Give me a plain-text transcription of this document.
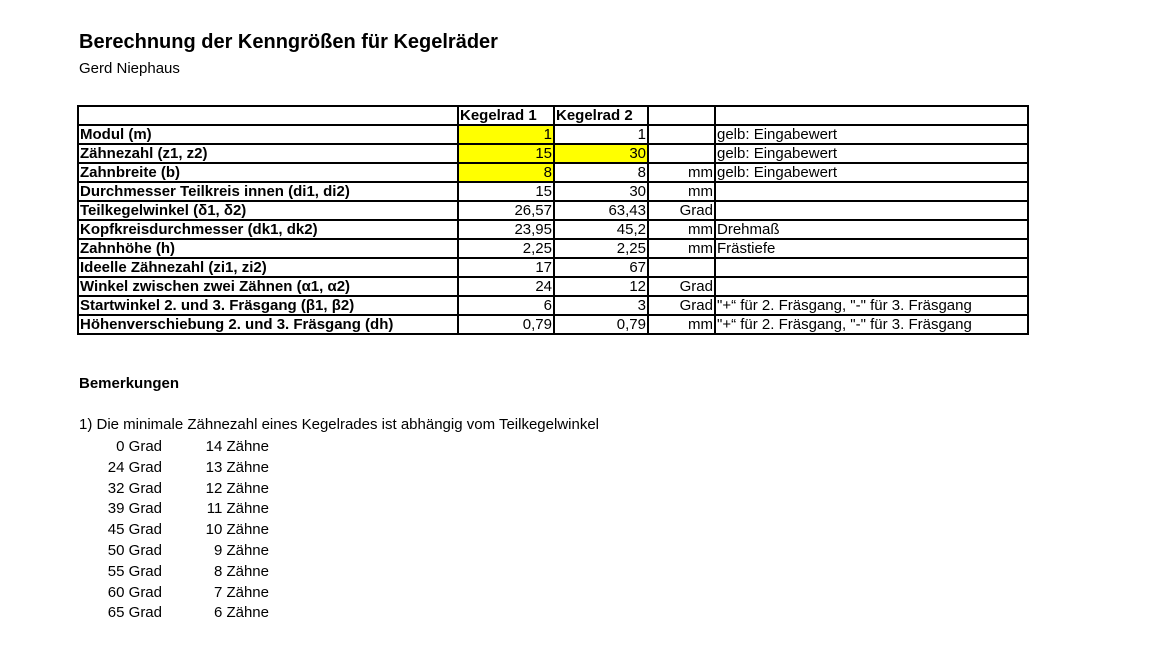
Berechnung der Kenngrößen für Kegelräder
Gerd Niephaus
	Kegelrad 1	Kegelrad 2		
Modul (m)	1	1		gelb: Eingabewert
Zähnezahl (z1, z2)	15	30		gelb: Eingabewert
Zahnbreite (b)	8	8	mm	gelb: Eingabewert
Durchmesser Teilkreis innen (di1, di2)	15	30	mm	
Teilkegelwinkel (δ1, δ2)	26,57	63,43	Grad	
Kopfkreisdurchmesser (dk1, dk2)	23,95	45,2	mm	Drehmaß
Zahnhöhe (h)	2,25	2,25	mm	Frästiefe
Ideelle Zähnezahl (zi1, zi2)	17	67		
Winkel zwischen zwei Zähnen (α1, α2)	24	12	Grad	
Startwinkel 2. und 3. Fräsgang (β1, β2)	6	3	Grad	"+“ für 2. Fräsgang, "-" für 3. Fräsgang
Höhenverschiebung 2. und 3. Fräsgang (dh)	0,79	0,79	mm	"+“ für 2. Fräsgang, "-" für 3. Fräsgang
Bemerkungen
1) Die minimale Zähnezahl eines Kegelrades ist abhängig vom Teilkegelwinkel
0 Grad	14 Zähne
24 Grad	13 Zähne
32 Grad	12 Zähne
39 Grad	11 Zähne
45 Grad	10 Zähne
50 Grad	9 Zähne
55 Grad	8 Zähne
60 Grad	7 Zähne
65 Grad	6 Zähne
